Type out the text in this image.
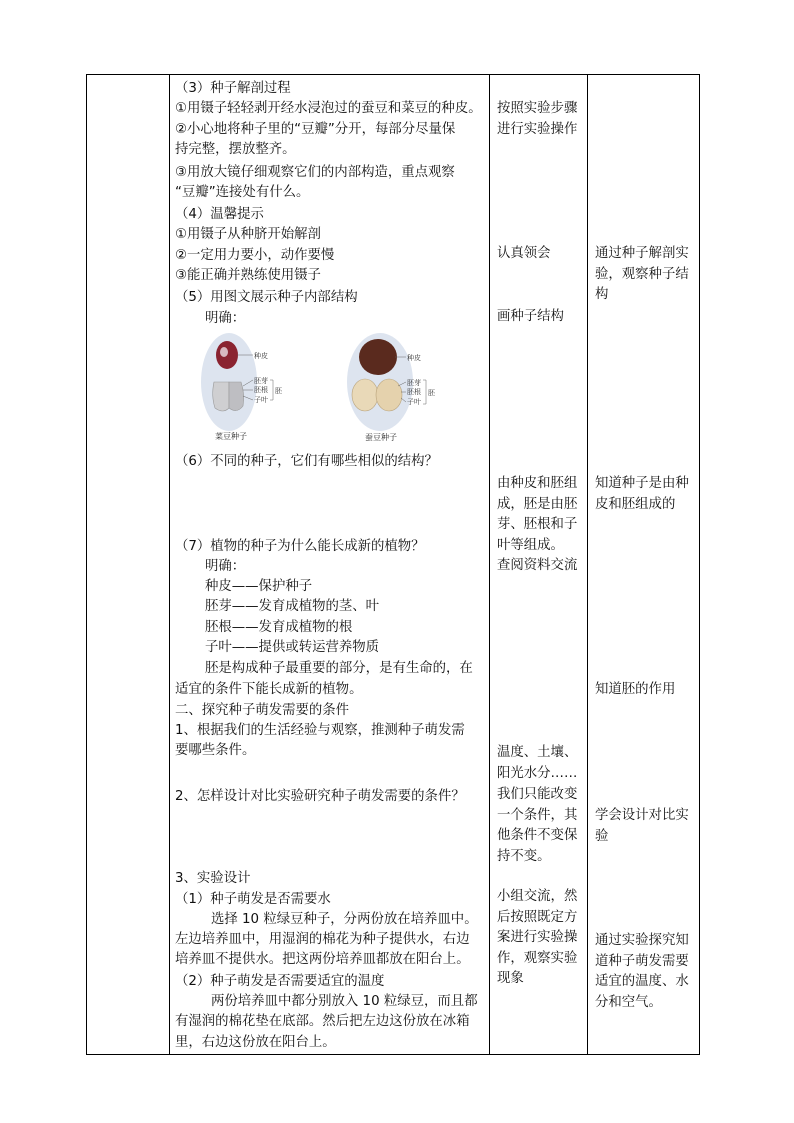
（3）种子解剖过程
①用镊子轻轻剥开经水浸泡过的蚕豆和菜豆的种皮。
②小心地将种子里的“豆瓣”分开，每部分尽量保
持完整，摆放整齐。
③用放大镜仔细观察它们的内部构造，重点观察
“豆瓣”连接处有什么。
（4）温馨提示
①用镊子从种脐开始解剖
②一定用力要小，动作要慢
③能正确并熟练使用镊子
（5）用图文展示种子内部结构
明确：
种皮
胚芽
胚根
子叶
胚
菜豆种子
种皮
胚芽
胚根
子叶
胚
蚕豆种子
（6）不同的种子，它们有哪些相似的结构？
（7）植物的种子为什么能长成新的植物？
明确：
种皮——保护种子
胚芽——发育成植物的茎、叶
胚根——发育成植物的根
子叶——提供或转运营养物质
胚是构成种子最重要的部分，是有生命的，在
适宜的条件下能长成新的植物。
二、探究种子萌发需要的条件
1、根据我们的生活经验与观察，推测种子萌发需
要哪些条件。
2、怎样设计对比实验研究种子萌发需要的条件？
3、实验设计
（1）种子萌发是否需要水
选择 10 粒绿豆种子，分两份放在培养皿中。
左边培养皿中，用湿润的棉花为种子提供水，右边
培养皿不提供水。把这两份培养皿都放在阳台上。
（2）种子萌发是否需要适宜的温度
两份培养皿中都分别放入 10 粒绿豆，而且都
有湿润的棉花垫在底部。然后把左边这份放在冰箱
里，右边这份放在阳台上。
按照实验步骤进行实验操作
认真领会
画种子结构
由种皮和胚组成，胚是由胚芽、胚根和子叶等组成。
查阅资料交流
温度、土壤、阳光水分……
我们只能改变一个条件，其他条件不变保持不变。
小组交流，然后按照既定方案进行实验操作，观察实验现象
通过种子解剖实验，观察种子结构
知道种子是由种皮和胚组成的
知道胚的作用
学会设计对比实验
通过实验探究知道种子萌发需要适宜的温度、水分和空气。
